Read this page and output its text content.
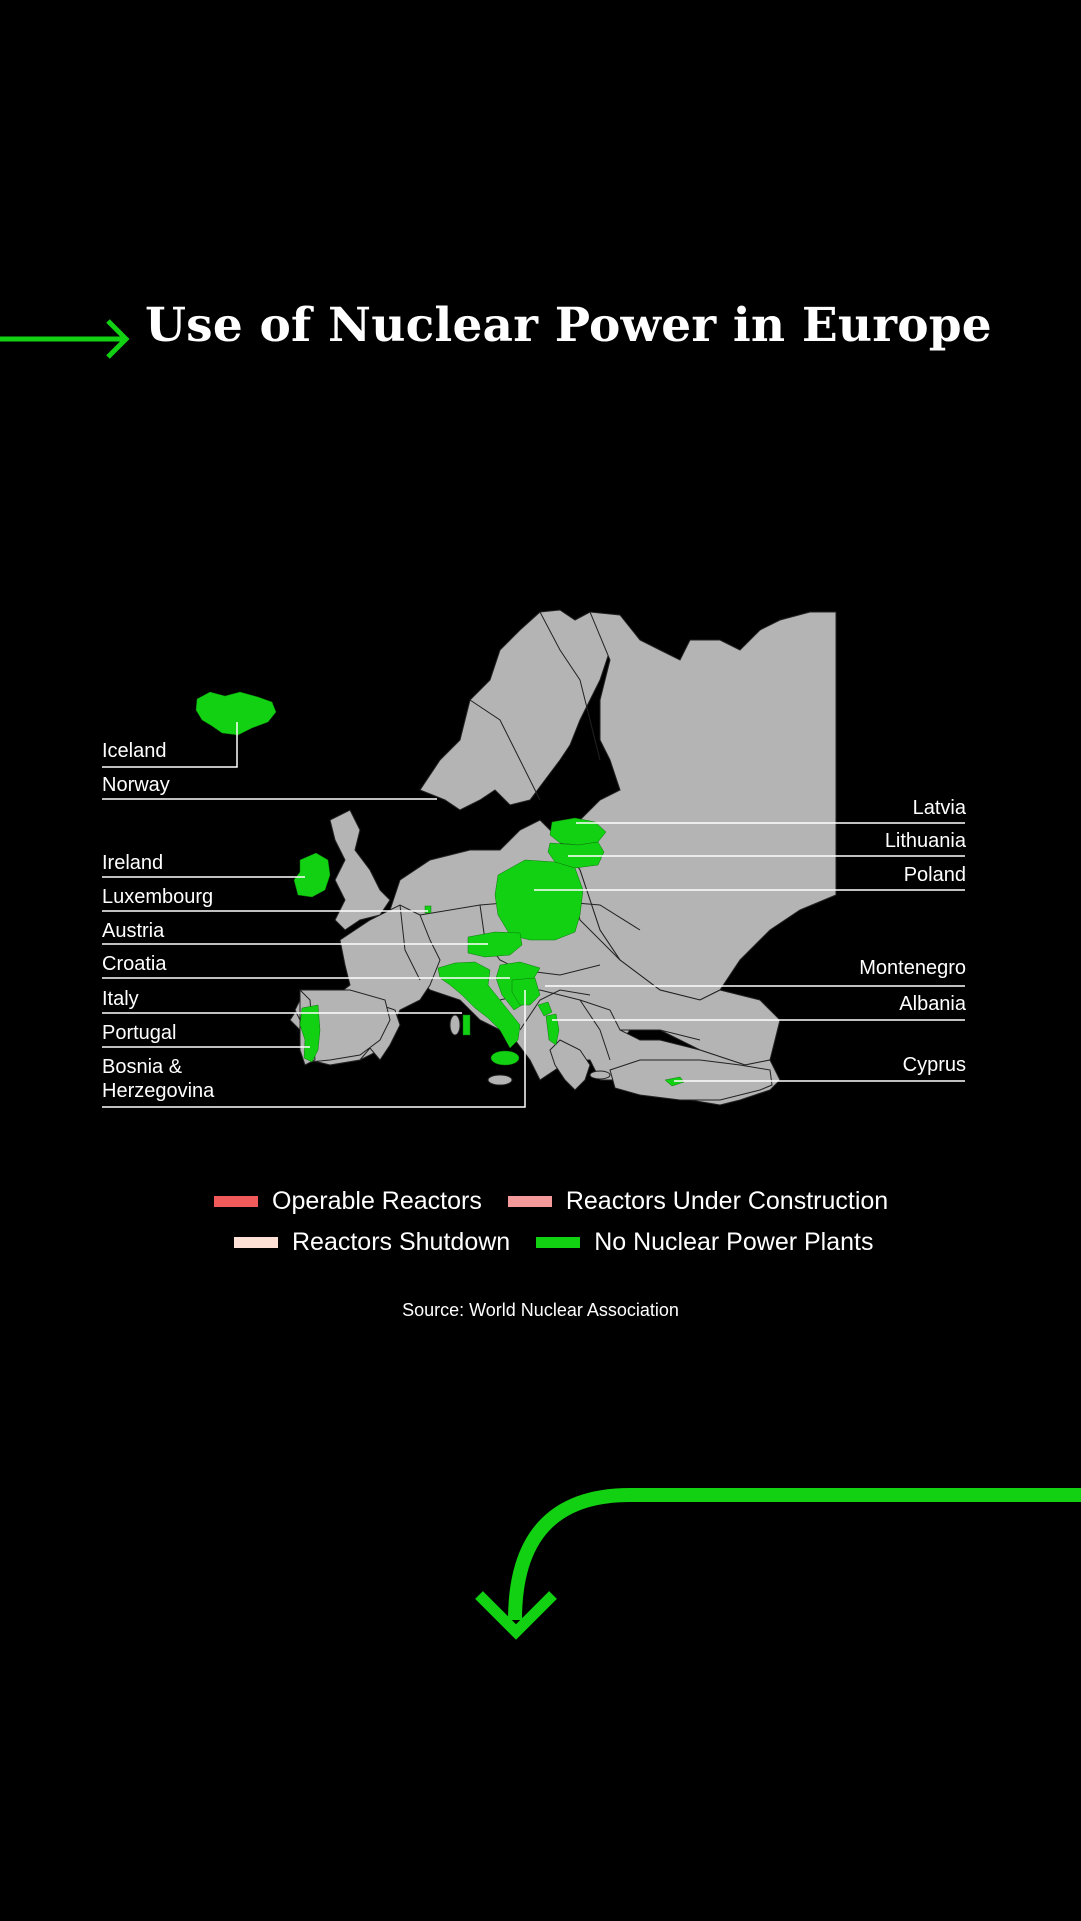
Use of Nuclear Power in Europe
Iceland
Norway
Ireland
Luxembourg
Austria
Croatia
Italy
Portugal
Bosnia &
Herzegovina
Latvia
Lithuania
Poland
Montenegro
Albania
Cyprus
Operable Reactors	Reactors Under Construction
Reactors Shutdown	No Nuclear Power Plants
Source: World Nuclear Association
